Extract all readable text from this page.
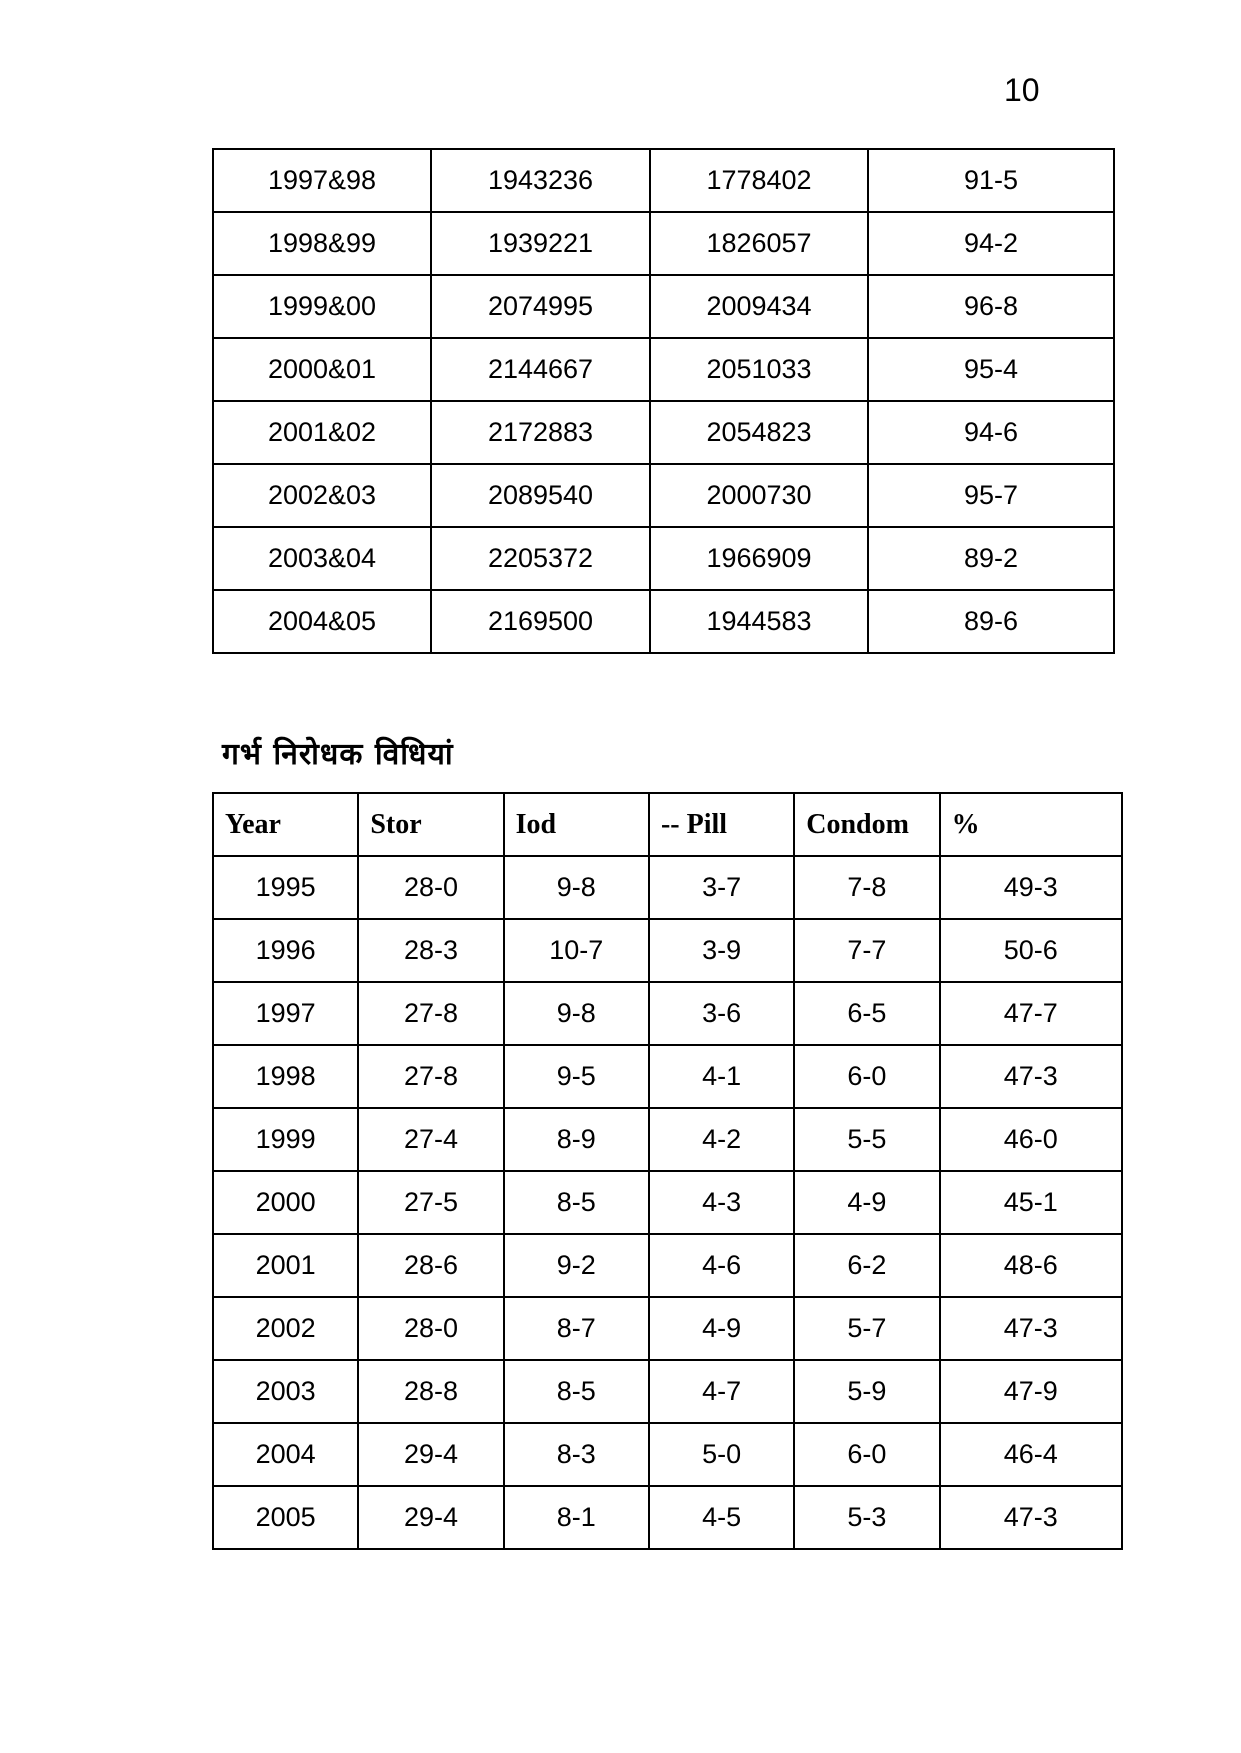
10
1997&98	1943236	1778402	91-5
1998&99	1939221	1826057	94-2
1999&00	2074995	2009434	96-8
2000&01	2144667	2051033	95-4
2001&02	2172883	2054823	94-6
2002&03	2089540	2000730	95-7
2003&04	2205372	1966909	89-2
2004&05	2169500	1944583	89-6
गर्भ निरोधक विधियां
Year	Stor	Iod	-- Pill	Condom	%
1995	28-0	9-8	3-7	7-8	49-3
1996	28-3	10-7	3-9	7-7	50-6
1997	27-8	9-8	3-6	6-5	47-7
1998	27-8	9-5	4-1	6-0	47-3
1999	27-4	8-9	4-2	5-5	46-0
2000	27-5	8-5	4-3	4-9	45-1
2001	28-6	9-2	4-6	6-2	48-6
2002	28-0	8-7	4-9	5-7	47-3
2003	28-8	8-5	4-7	5-9	47-9
2004	29-4	8-3	5-0	6-0	46-4
2005	29-4	8-1	4-5	5-3	47-3
